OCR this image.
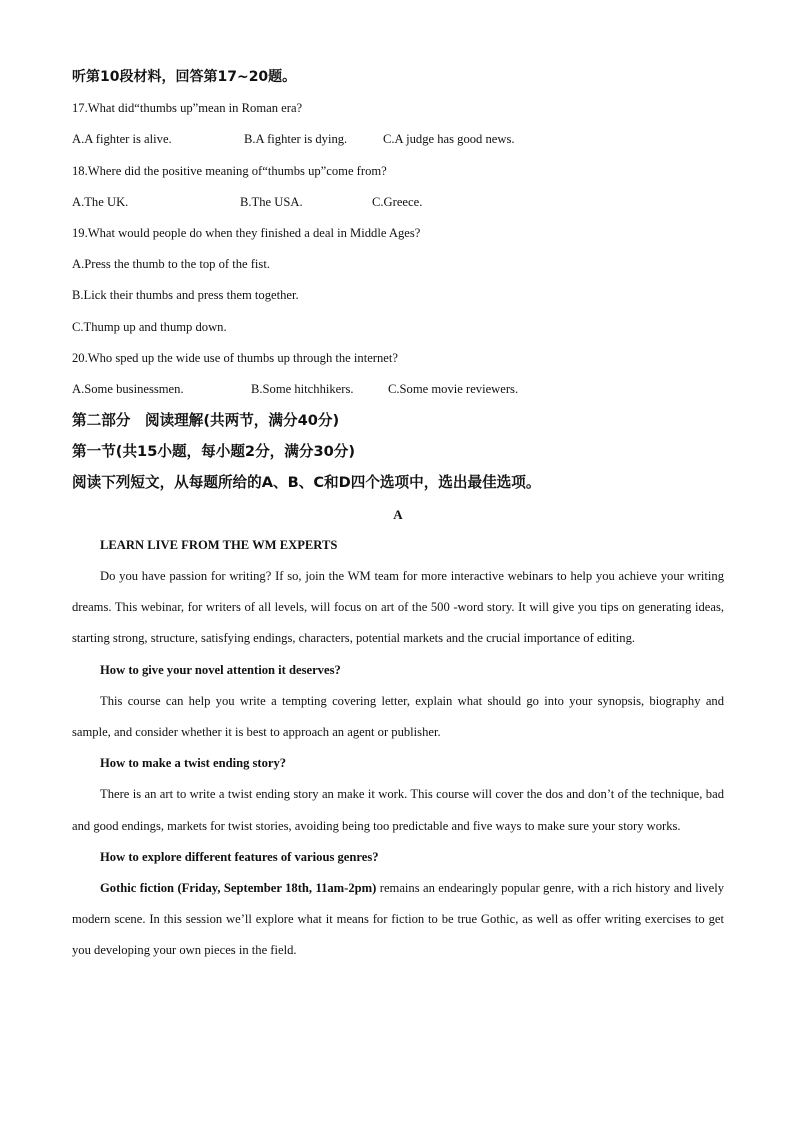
听第10段材料，回答第17~20题。
17.What did“thumbs up”mean in Roman era?
A.A fighter is alive.	B.A fighter is dying.	C.A judge has good news.
18.Where did the positive meaning of“thumbs up”come from?
A.The UK.	B.The USA.	C.Greece.
19.What would people do when they finished a deal in Middle Ages?
A.Press the thumb to the top of the fist.
B.Lick their thumbs and press them together.
C.Thump up and thump down.
20.Who sped up the wide use of thumbs up through the internet?
A.Some businessmen.	B.Some hitchhikers.	C.Some movie reviewers.
第二部分　阅读理解(共两节，满分40分)
第一节(共15小题，每小题2分，满分30分)
阅读下列短文，从每题所给的A、B、C和D四个选项中，选出最佳选项。
A
LEARN LIVE FROM THE WM EXPERTS

Do you have passion for writing? If so, join the WM team for more interactive webinars to help you achieve your writing dreams. This webinar, for writers of all levels, will focus on art of the 500 -word story. It will give you tips on generating ideas, starting strong, structure, satisfying endings, characters, potential markets and the crucial importance of editing.

How to give your novel attention it deserves?

This course can help you write a tempting covering letter, explain what should go into your synopsis, biography and sample, and consider whether it is best to approach an agent or publisher.

How to make a twist ending story?

There is an art to write a twist ending story an make it work. This course will cover the dos and don’t of the technique, bad and good endings, markets for twist stories, avoiding being too predictable and five ways to make sure your story works.

How to explore different features of various genres?

Gothic fiction (Friday, September 18th, 11am-2pm) remains an endearingly popular genre, with a rich history and lively modern scene. In this session we’ll explore what it means for fiction to be true Gothic, as well as offer writing exercises to get you developing your own pieces in the field.
